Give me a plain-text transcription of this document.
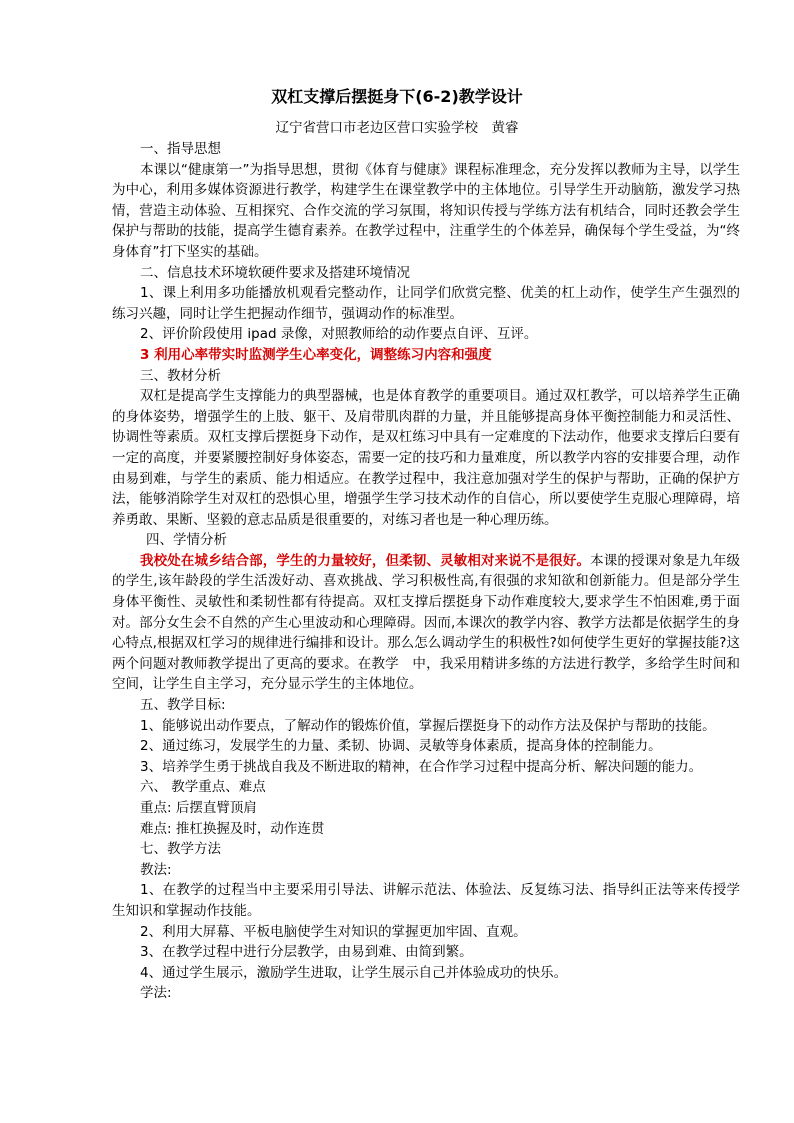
双杠支撑后摆挺身下(6-2)教学设计
辽宁省营口市老边区营口实验学校　黄睿

一、指导思想

本课以“健康第一”为指导思想，贯彻《体育与健康》课程标准理念，充分发挥以教师为主导，以学生为中心，利用多媒体资源进行教学，构建学生在课堂教学中的主体地位。引导学生开动脑筋，激发学习热情，营造主动体验、互相探究、合作交流的学习氛围，将知识传授与学练方法有机结合，同时还教会学生保护与帮助的技能，提高学生德育素养。在教学过程中，注重学生的个体差异，确保每个学生受益，为“终身体育”打下坚实的基础。

二、信息技术环境软硬件要求及搭建环境情况

1、课上利用多功能播放机观看完整动作，让同学们欣赏完整、优美的杠上动作，使学生产生强烈的练习兴趣，同时让学生把握动作细节，强调动作的标准型。

2、评价阶段使用 ipad 录像，对照教师给的动作要点自评、互评。

3 利用心率带实时监测学生心率变化，调整练习内容和强度

三、教材分析

双杠是提高学生支撑能力的典型器械，也是体育教学的重要项目。通过双杠教学，可以培养学生正确的身体姿势，增强学生的上肢、躯干、及肩带肌肉群的力量，并且能够提高身体平衡控制能力和灵活性、协调性等素质。双杠支撑后摆挺身下动作，是双杠练习中具有一定难度的下法动作，他要求支撑后臼要有一定的高度，并要紧腰控制好身体姿态，需要一定的技巧和力量难度，所以教学内容的安排要合理，动作由易到难，与学生的素质、能力相适应。在教学过程中，我注意加强对学生的保护与帮助，正确的保护方法，能够消除学生对双杠的恐惧心里，增强学生学习技术动作的自信心，所以要使学生克服心理障碍，培养勇敢、果断、坚毅的意志品质是很重要的，对练习者也是一种心理历练。

四、学情分析

我校处在城乡结合部，学生的力量较好，但柔韧、灵敏相对来说不是很好。本课的授课对象是九年级的学生,该年龄段的学生活泼好动、喜欢挑战、学习积极性高,有很强的求知欲和创新能力。但是部分学生身体平衡性、灵敏性和柔韧性都有待提高。双杠支撑后摆挺身下动作难度较大,要求学生不怕困难,勇于面对。部分女生会不自然的产生心里波动和心理障碍。因而,本课次的教学内容、教学方法都是依据学生的身心特点,根据双杠学习的规律进行编排和设计。那么怎么调动学生的积极性?如何使学生更好的掌握技能?这两个问题对教师教学提出了更高的要求。在教学　中，我采用精讲多练的方法进行教学，多给学生时间和空间，让学生自主学习，充分显示学生的主体地位。

五、教学目标:

1、能够说出动作要点，了解动作的锻炼价值，掌握后摆挺身下的动作方法及保护与帮助的技能。

2、通过练习，发展学生的力量、柔韧、协调、灵敏等身体素质，提高身体的控制能力。

3、培养学生勇于挑战自我及不断进取的精神，在合作学习过程中提高分析、解决问题的能力。

六、 教学重点、难点

重点: 后摆直臂顶肩

难点: 推杠换握及时，动作连贯

七、教学方法

教法:

1、在教学的过程当中主要采用引导法、讲解示范法、体验法、反复练习法、指导纠正法等来传授学生知识和掌握动作技能。

2、利用大屏幕、平板电脑使学生对知识的掌握更加牢固、直观。

3、在教学过程中进行分层教学，由易到难、由简到繁。

4、通过学生展示，激励学生进取，让学生展示自己并体验成功的快乐。

学法:
